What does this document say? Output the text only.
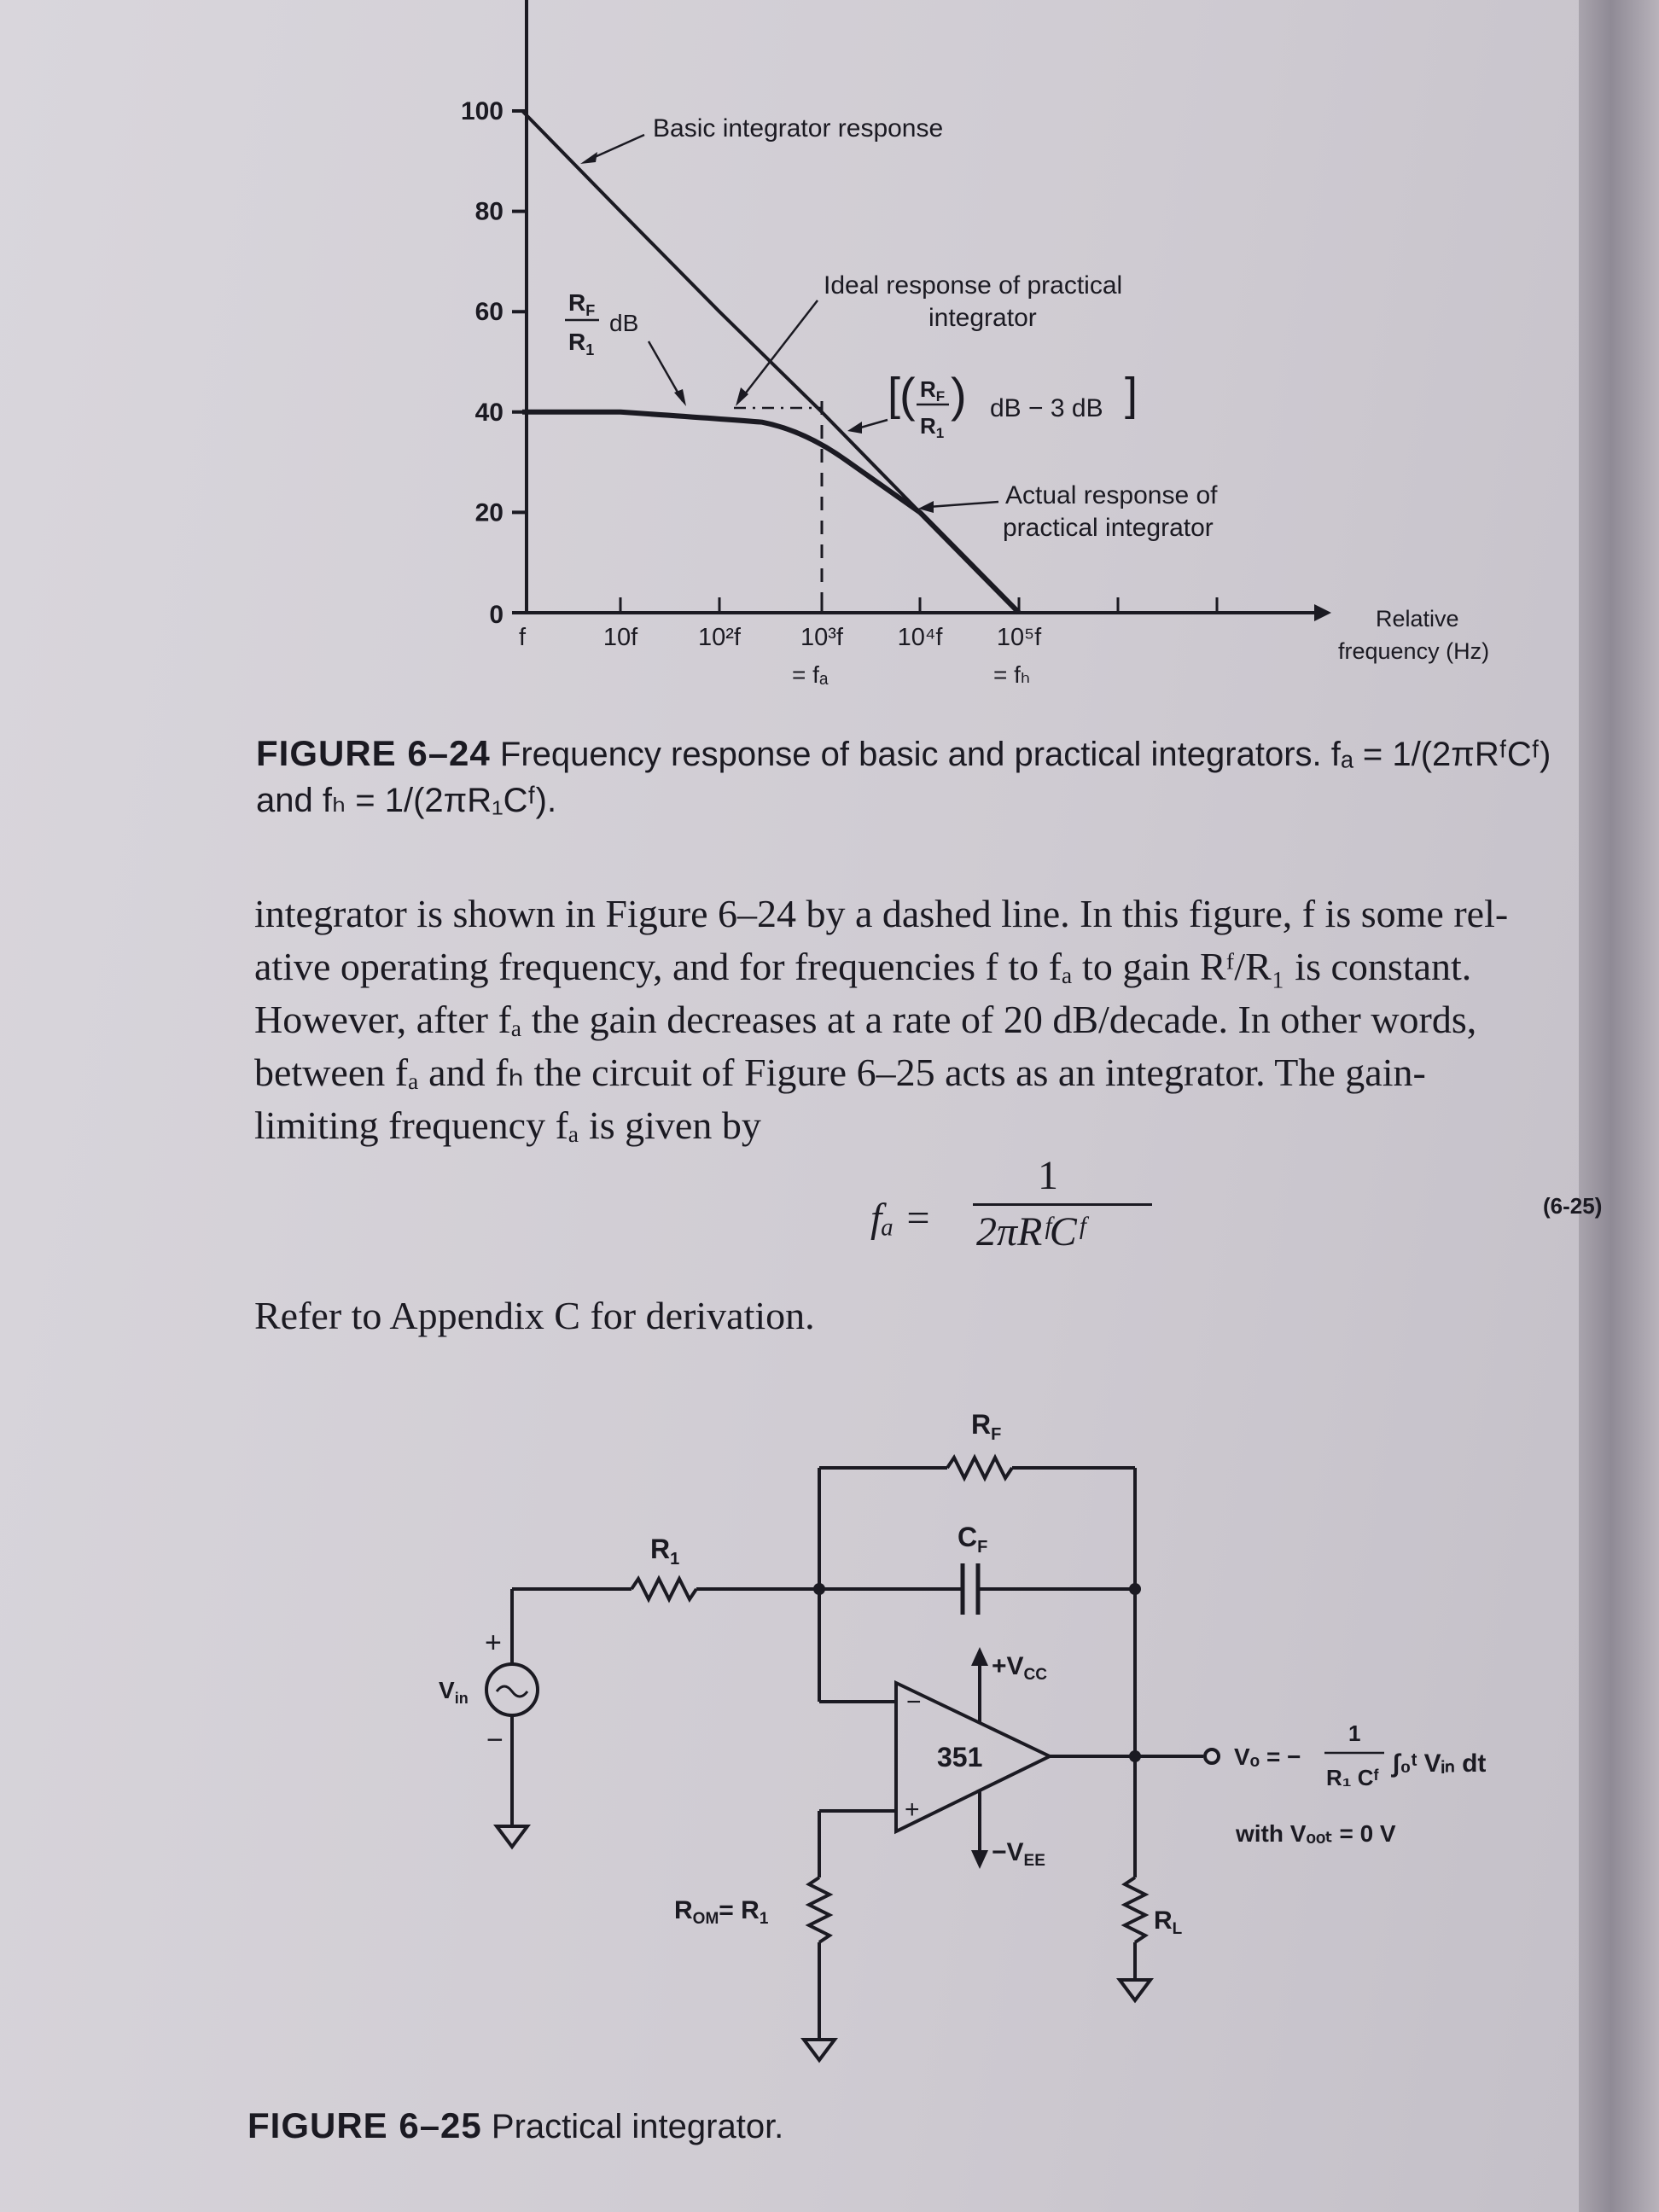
100
80
60
40
20
0
f	10f 10²f 10³f 10⁴f 10⁵f
Basic integrator response
Ideal response of practical
integrator
$R_F$
$R_1$
dB
[
( RF
R1
) dB − 3 dB ]
Actual response of
practical integrator
= fₐ	= fₕ
Relative
frequency (Hz)
FIGURE 6–24 Frequency response of basic and practical integrators. fₐ = 1/(2πRᶠCᶠ)
and fₕ = 1/(2πR₁Cᶠ).
integrator is shown in Figure 6–24 by a dashed line. In this figure, f is some rel-
ative operating frequency, and for frequencies f to fₐ to gain Rᶠ/R₁ is constant.
However, after fₐ the gain decreases at a rate of 20 dB/decade. In other words,
between fₐ and fₕ the circuit of Figure 6–25 acts as an integrator. The gain-
limiting frequency fₐ is given by
fₐ =
1
2πRᶠCᶠ
(6-25)
Refer to Appendix C for derivation.
$R_F$
$C_F$
$R_1$
+
−
$V_{in}$
$+V_{CC}$
$-V_{EE}$
351
−
+
Vₒ = −
1
R₁ Cᶠ ∫₀ᵗ Vᵢₙ dt
with Vₒₒₜ = 0 V
$R_L$
$R_{OM}= R_1$
FIGURE 6–25 Practical integrator.
